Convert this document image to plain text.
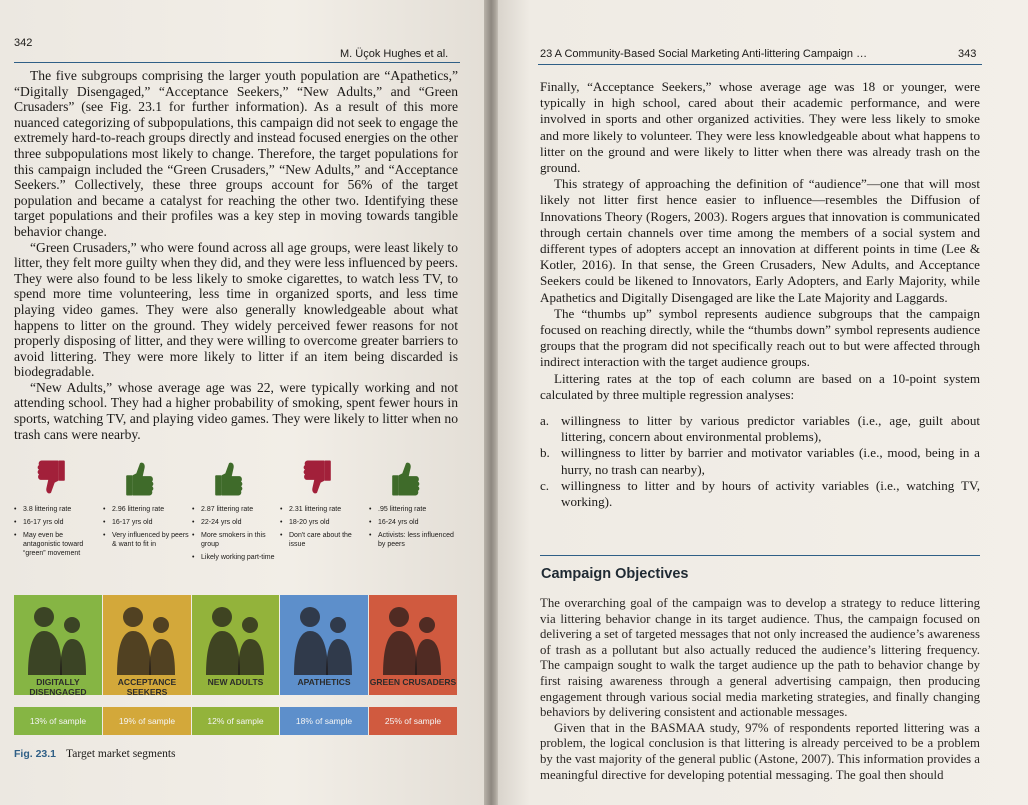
342
M. Üçok Hughes et al.

The five subgroups comprising the larger youth population are “Apathetics,” “Digitally Disengaged,” “Acceptance Seekers,” “New Adults,” and “Green Crusaders” (see Fig. 23.1 for further information). As a result of this more nuanced categorizing of subpopulations, this campaign did not seek to engage the extremely hard-to-reach groups directly and instead focused energies on the other three subpopulations most likely to change. Therefore, the target populations for this campaign included the “Green Crusaders,” “New Adults,” and “Acceptance Seekers.” Collectively, these three groups account for 56% of the target population and became a catalyst for reaching the other two. Identifying these target populations and their profiles was a key step in moving towards tangible behavior change.

“Green Crusaders,” who were found across all age groups, were least likely to litter, they felt more guilty when they did, and they were less influenced by peers. They were also found to be less likely to smoke cigarettes, to watch less TV, to spend more time volunteering, less time in organized sports, and less time playing video games. They were also generally knowledgeable about what happens to litter on the ground. They widely perceived fewer reasons for not properly disposing of litter, and they were willing to overcome greater barriers to avoid littering. They were more likely to litter if an item being discarded is biodegradable.

“New Adults,” whose average age was 22, were typically working and not attending school. They had a higher probability of smoking, spent fewer hours in sports, watching TV, and playing video games. They were likely to litter when no trash cans were nearby.

• 3.8 littering rate
• 16-17 yrs old
• May even be antagonistic toward “green” movement
DIGITALLY DISENGAGED
13% of sample
• 2.96 littering rate
• 16-17 yrs old
• Very influenced by peers & want to fit in
ACCEPTANCE SEEKERS
19% of sample
• 2.87 littering rate
• 22-24 yrs old
• More smokers in this group
• Likely working part-time
NEW ADULTS
12% of sample
• 2.31 littering rate
• 18-20 yrs old
• Don't care about the issue
APATHETICS
18% of sample
• .95 littering rate
• 16-24 yrs old
• Activists: less influenced by peers
GREEN CRUSADERS
25% of sample
Fig. 23.1 Target market segments
23 A Community-Based Social Marketing Anti-littering Campaign …	343

Finally, “Acceptance Seekers,” whose average age was 18 or younger, were typically in high school, cared about their academic performance, and were involved in sports and other organized activities. They were less likely to smoke and more likely to volunteer. They were less knowledgeable about what happens to litter on the ground and were likely to litter when there was already trash on the ground.

This strategy of approaching the definition of “audience”—one that will most likely not litter first hence easier to influence—resembles the Diffusion of Innovations Theory (Rogers, 2003). Rogers argues that innovation is communicated through certain channels over time among the members of a social system and different types of adopters accept an innovation at different points in time (Lee & Kotler, 2016). In that sense, the Green Crusaders, New Adults, and Acceptance Seekers could be likened to Innovators, Early Adopters, and Early Majority, while Apathetics and Digitally Disengaged are like the Late Majority and Laggards.

The “thumbs up” symbol represents audience subgroups that the campaign focused on reaching directly, while the “thumbs down” symbol represents audience groups that the program did not specifically reach out to but were affected through indirect interaction with the target audience groups.

Littering rates at the top of each column are based on a 10-point system calculated by three multiple regression analyses:

a. willingness to litter by various predictor variables (i.e., age, guilt about littering, concern about environmental problems),
b. willingness to litter by barrier and motivator variables (i.e., mood, being in a hurry, no trash can nearby),
c. willingness to litter and by hours of activity variables (i.e., watching TV, working).
Campaign Objectives

The overarching goal of the campaign was to develop a strategy to reduce littering via littering behavior change in its target audience. Thus, the campaign focused on delivering a set of targeted messages that not only increased the audience’s awareness of trash as a pollutant but also actually reduced the audience’s littering frequency. The campaign sought to walk the target audience up the path to behavior change by first raising awareness through a general advertising campaign, then producing engagement through various social media marketing strategies, and finally changing behaviors by delivering consistent and actionable messages.

Given that in the BASMAA study, 97% of respondents reported littering was a problem, the logical conclusion is that littering is already perceived to be a problem by the vast majority of the general public (Astone, 2007). This information provides a meaningful directive for developing potential messaging. The goal then should
